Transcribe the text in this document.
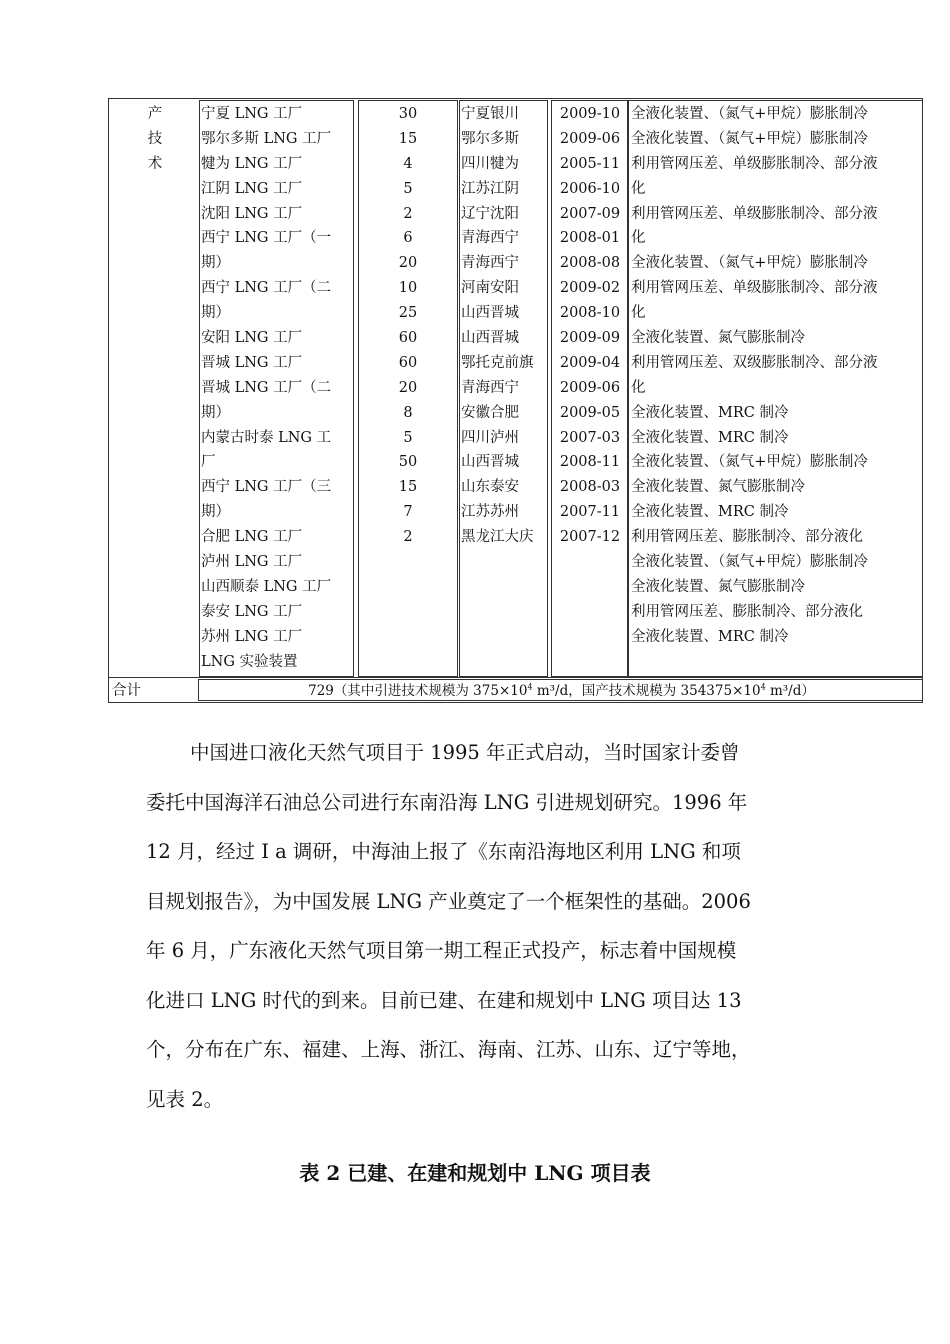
产
技
术
宁夏 LNG 工厂
鄂尔多斯 LNG 工厂
犍为 LNG 工厂
江阴 LNG 工厂
沈阳 LNG 工厂
西宁 LNG 工厂（一
期）
西宁 LNG 工厂（二
期）
安阳 LNG 工厂
晋城 LNG 工厂
晋城 LNG 工厂（二
期）
内蒙古时泰 LNG 工
厂
西宁 LNG 工厂（三
期）
合肥 LNG 工厂
泸州 LNG 工厂
山西顺泰 LNG 工厂
泰安 LNG 工厂
苏州 LNG 工厂
LNG 实验装置
30
15
4
5
2
6
20
10
25
60
60
20
8
5
50
15
7
2
宁夏银川
鄂尔多斯
四川犍为
江苏江阴
辽宁沈阳
青海西宁
青海西宁
河南安阳
山西晋城
山西晋城
鄂托克前旗
青海西宁
安徽合肥
四川泸州
山西晋城
山东泰安
江苏苏州
黑龙江大庆
2009-10
2009-06
2005-11
2006-10
2007-09
2008-01
2008-08
2009-02
2008-10
2009-09
2009-04
2009-06
2009-05
2007-03
2008-11
2008-03
2007-11
2007-12
全液化装置、（氮气+甲烷）膨胀制冷
全液化装置、（氮气+甲烷）膨胀制冷
利用管网压差、单级膨胀制冷、部分液
化
利用管网压差、单级膨胀制冷、部分液
化
全液化装置、（氮气+甲烷）膨胀制冷
利用管网压差、单级膨胀制冷、部分液
化
全液化装置、氮气膨胀制冷
利用管网压差、双级膨胀制冷、部分液
化
全液化装置、MRC 制冷
全液化装置、MRC 制冷
全液化装置、（氮气+甲烷）膨胀制冷
全液化装置、氮气膨胀制冷
全液化装置、MRC 制冷
利用管网压差、膨胀制冷、部分液化
全液化装置、（氮气+甲烷）膨胀制冷
全液化装置、氮气膨胀制冷
利用管网压差、膨胀制冷、部分液化
全液化装置、MRC 制冷
合计	729（其中引进技术规模为 $375\times 10^4$ m³/d，国产技术规模为 $354375\times 10^4$ m³/d）
中国进口液化天然气项目于 1995 年正式启动，当时国家计委曾
委托中国海洋石油总公司进行东南沿海 LNG 引进规划研究。1996 年
12 月，经过 I a 调研，中海油上报了《东南沿海地区利用 LNG 和项
目规划报告》，为中国发展 LNG 产业奠定了一个框架性的基础。2006
年 6 月，广东液化天然气项目第一期工程正式投产，标志着中国规模
化进口 LNG 时代的到来。目前已建、在建和规划中 LNG 项目达 13
个，分布在广东、福建、上海、浙江、海南、江苏、山东、辽宁等地，
见表 2。
表 2 已建、在建和规划中 LNG 项目表
